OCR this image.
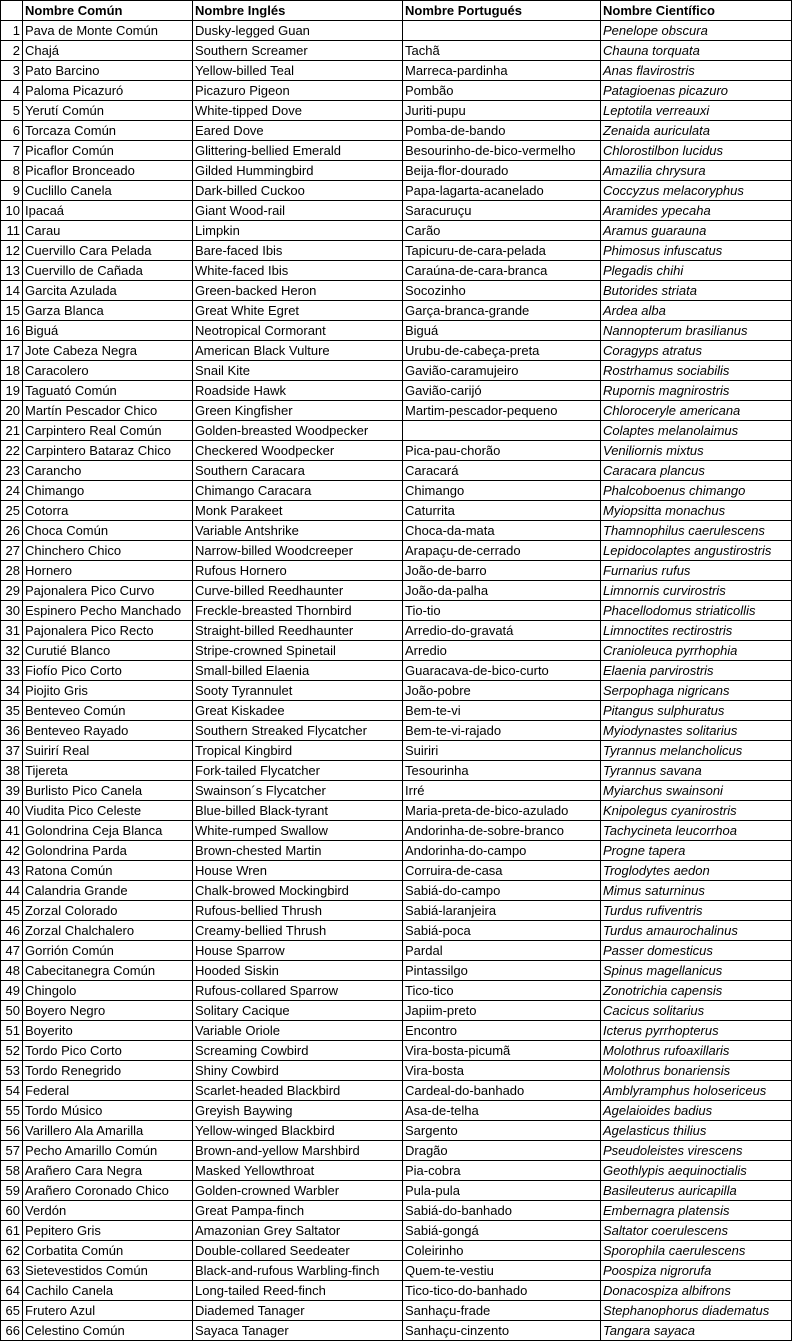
	Nombre Común	Nombre Inglés	Nombre Portugués	Nombre Científico
1	Pava de Monte Común	Dusky-legged Guan		Penelope obscura
2	Chajá	Southern Screamer	Tachã	Chauna torquata
3	Pato Barcino	Yellow-billed Teal	Marreca-pardinha	Anas flavirostris
4	Paloma Picazuró	Picazuro Pigeon	Pombão	Patagioenas picazuro
5	Yerutí Común	White-tipped Dove	Juriti-pupu	Leptotila verreauxi
6	Torcaza Común	Eared Dove	Pomba-de-bando	Zenaida auriculata
7	Picaflor Común	Glittering-bellied Emerald	Besourinho-de-bico-vermelho	Chlorostilbon lucidus
8	Picaflor Bronceado	Gilded Hummingbird	Beija-flor-dourado	Amazilia chrysura
9	Cuclillo Canela	Dark-billed Cuckoo	Papa-lagarta-acanelado	Coccyzus melacoryphus
10	Ipacaá	Giant Wood-rail	Saracuruçu	Aramides ypecaha
11	Carau	Limpkin	Carão	Aramus guarauna
12	Cuervillo Cara Pelada	Bare-faced Ibis	Tapicuru-de-cara-pelada	Phimosus infuscatus
13	Cuervillo de Cañada	White-faced Ibis	Caraúna-de-cara-branca	Plegadis chihi
14	Garcita Azulada	Green-backed Heron	Socozinho	Butorides striata
15	Garza Blanca	Great White Egret	Garça-branca-grande	Ardea alba
16	Biguá	Neotropical Cormorant	Biguá	Nannopterum brasilianus
17	Jote Cabeza Negra	American Black Vulture	Urubu-de-cabeça-preta	Coragyps atratus
18	Caracolero	Snail Kite	Gavião-caramujeiro	Rostrhamus sociabilis
19	Taguató Común	Roadside Hawk	Gavião-carijó	Rupornis magnirostris
20	Martín Pescador Chico	Green Kingfisher	Martim-pescador-pequeno	Chloroceryle americana
21	Carpintero Real Común	Golden-breasted Woodpecker		Colaptes melanolaimus
22	Carpintero Bataraz Chico	Checkered Woodpecker	Pica-pau-chorão	Veniliornis mixtus
23	Carancho	Southern Caracara	Caracará	Caracara plancus
24	Chimango	Chimango Caracara	Chimango	Phalcoboenus chimango
25	Cotorra	Monk Parakeet	Caturrita	Myiopsitta monachus
26	Choca Común	Variable Antshrike	Choca-da-mata	Thamnophilus caerulescens
27	Chinchero Chico	Narrow-billed Woodcreeper	Arapaçu-de-cerrado	Lepidocolaptes angustirostris
28	Hornero	Rufous Hornero	João-de-barro	Furnarius rufus
29	Pajonalera Pico Curvo	Curve-billed Reedhaunter	João-da-palha	Limnornis curvirostris
30	Espinero Pecho Manchado	Freckle-breasted Thornbird	Tio-tio	Phacellodomus striaticollis
31	Pajonalera Pico Recto	Straight-billed Reedhaunter	Arredio-do-gravatá	Limnoctites rectirostris
32	Curutié Blanco	Stripe-crowned Spinetail	Arredio	Cranioleuca pyrrhophia
33	Fiofío Pico Corto	Small-billed Elaenia	Guaracava-de-bico-curto	Elaenia parvirostris
34	Piojito Gris	Sooty Tyrannulet	João-pobre	Serpophaga nigricans
35	Benteveo Común	Great Kiskadee	Bem-te-vi	Pitangus sulphuratus
36	Benteveo Rayado	Southern Streaked Flycatcher	Bem-te-vi-rajado	Myiodynastes solitarius
37	Suirirí Real	Tropical Kingbird	Suiriri	Tyrannus melancholicus
38	Tijereta	Fork-tailed Flycatcher	Tesourinha	Tyrannus savana
39	Burlisto Pico Canela	Swainson´s Flycatcher	Irré	Myiarchus swainsoni
40	Viudita Pico Celeste	Blue-billed Black-tyrant	Maria-preta-de-bico-azulado	Knipolegus cyanirostris
41	Golondrina Ceja Blanca	White-rumped Swallow	Andorinha-de-sobre-branco	Tachycineta leucorrhoa
42	Golondrina Parda	Brown-chested Martin	Andorinha-do-campo	Progne tapera
43	Ratona Común	House Wren	Corruira-de-casa	Troglodytes aedon
44	Calandria Grande	Chalk-browed Mockingbird	Sabiá-do-campo	Mimus saturninus
45	Zorzal Colorado	Rufous-bellied Thrush	Sabiá-laranjeira	Turdus rufiventris
46	Zorzal Chalchalero	Creamy-bellied Thrush	Sabiá-poca	Turdus amaurochalinus
47	Gorrión Común	House Sparrow	Pardal	Passer domesticus
48	Cabecitanegra Común	Hooded Siskin	Pintassilgo	Spinus magellanicus
49	Chingolo	Rufous-collared Sparrow	Tico-tico	Zonotrichia capensis
50	Boyero Negro	Solitary Cacique	Japiim-preto	Cacicus solitarius
51	Boyerito	Variable Oriole	Encontro	Icterus pyrrhopterus
52	Tordo Pico Corto	Screaming Cowbird	Vira-bosta-picumã	Molothrus rufoaxillaris
53	Tordo Renegrido	Shiny Cowbird	Vira-bosta	Molothrus bonariensis
54	Federal	Scarlet-headed Blackbird	Cardeal-do-banhado	Amblyramphus holosericeus
55	Tordo Músico	Greyish Baywing	Asa-de-telha	Agelaioides badius
56	Varillero Ala Amarilla	Yellow-winged Blackbird	Sargento	Agelasticus thilius
57	Pecho Amarillo Común	Brown-and-yellow Marshbird	Dragão	Pseudoleistes virescens
58	Arañero Cara Negra	Masked Yellowthroat	Pia-cobra	Geothlypis aequinoctialis
59	Arañero Coronado Chico	Golden-crowned Warbler	Pula-pula	Basileuterus auricapilla
60	Verdón	Great Pampa-finch	Sabiá-do-banhado	Embernagra platensis
61	Pepitero Gris	Amazonian Grey Saltator	Sabiá-gongá	Saltator coerulescens
62	Corbatita Común	Double-collared Seedeater	Coleirinho	Sporophila caerulescens
63	Sietevestidos Común	Black-and-rufous Warbling-finch	Quem-te-vestiu	Poospiza nigrorufa
64	Cachilo Canela	Long-tailed Reed-finch	Tico-tico-do-banhado	Donacospiza albifrons
65	Frutero Azul	Diademed Tanager	Sanhaçu-frade	Stephanophorus diadematus
66	Celestino Común	Sayaca Tanager	Sanhaçu-cinzento	Tangara sayaca
